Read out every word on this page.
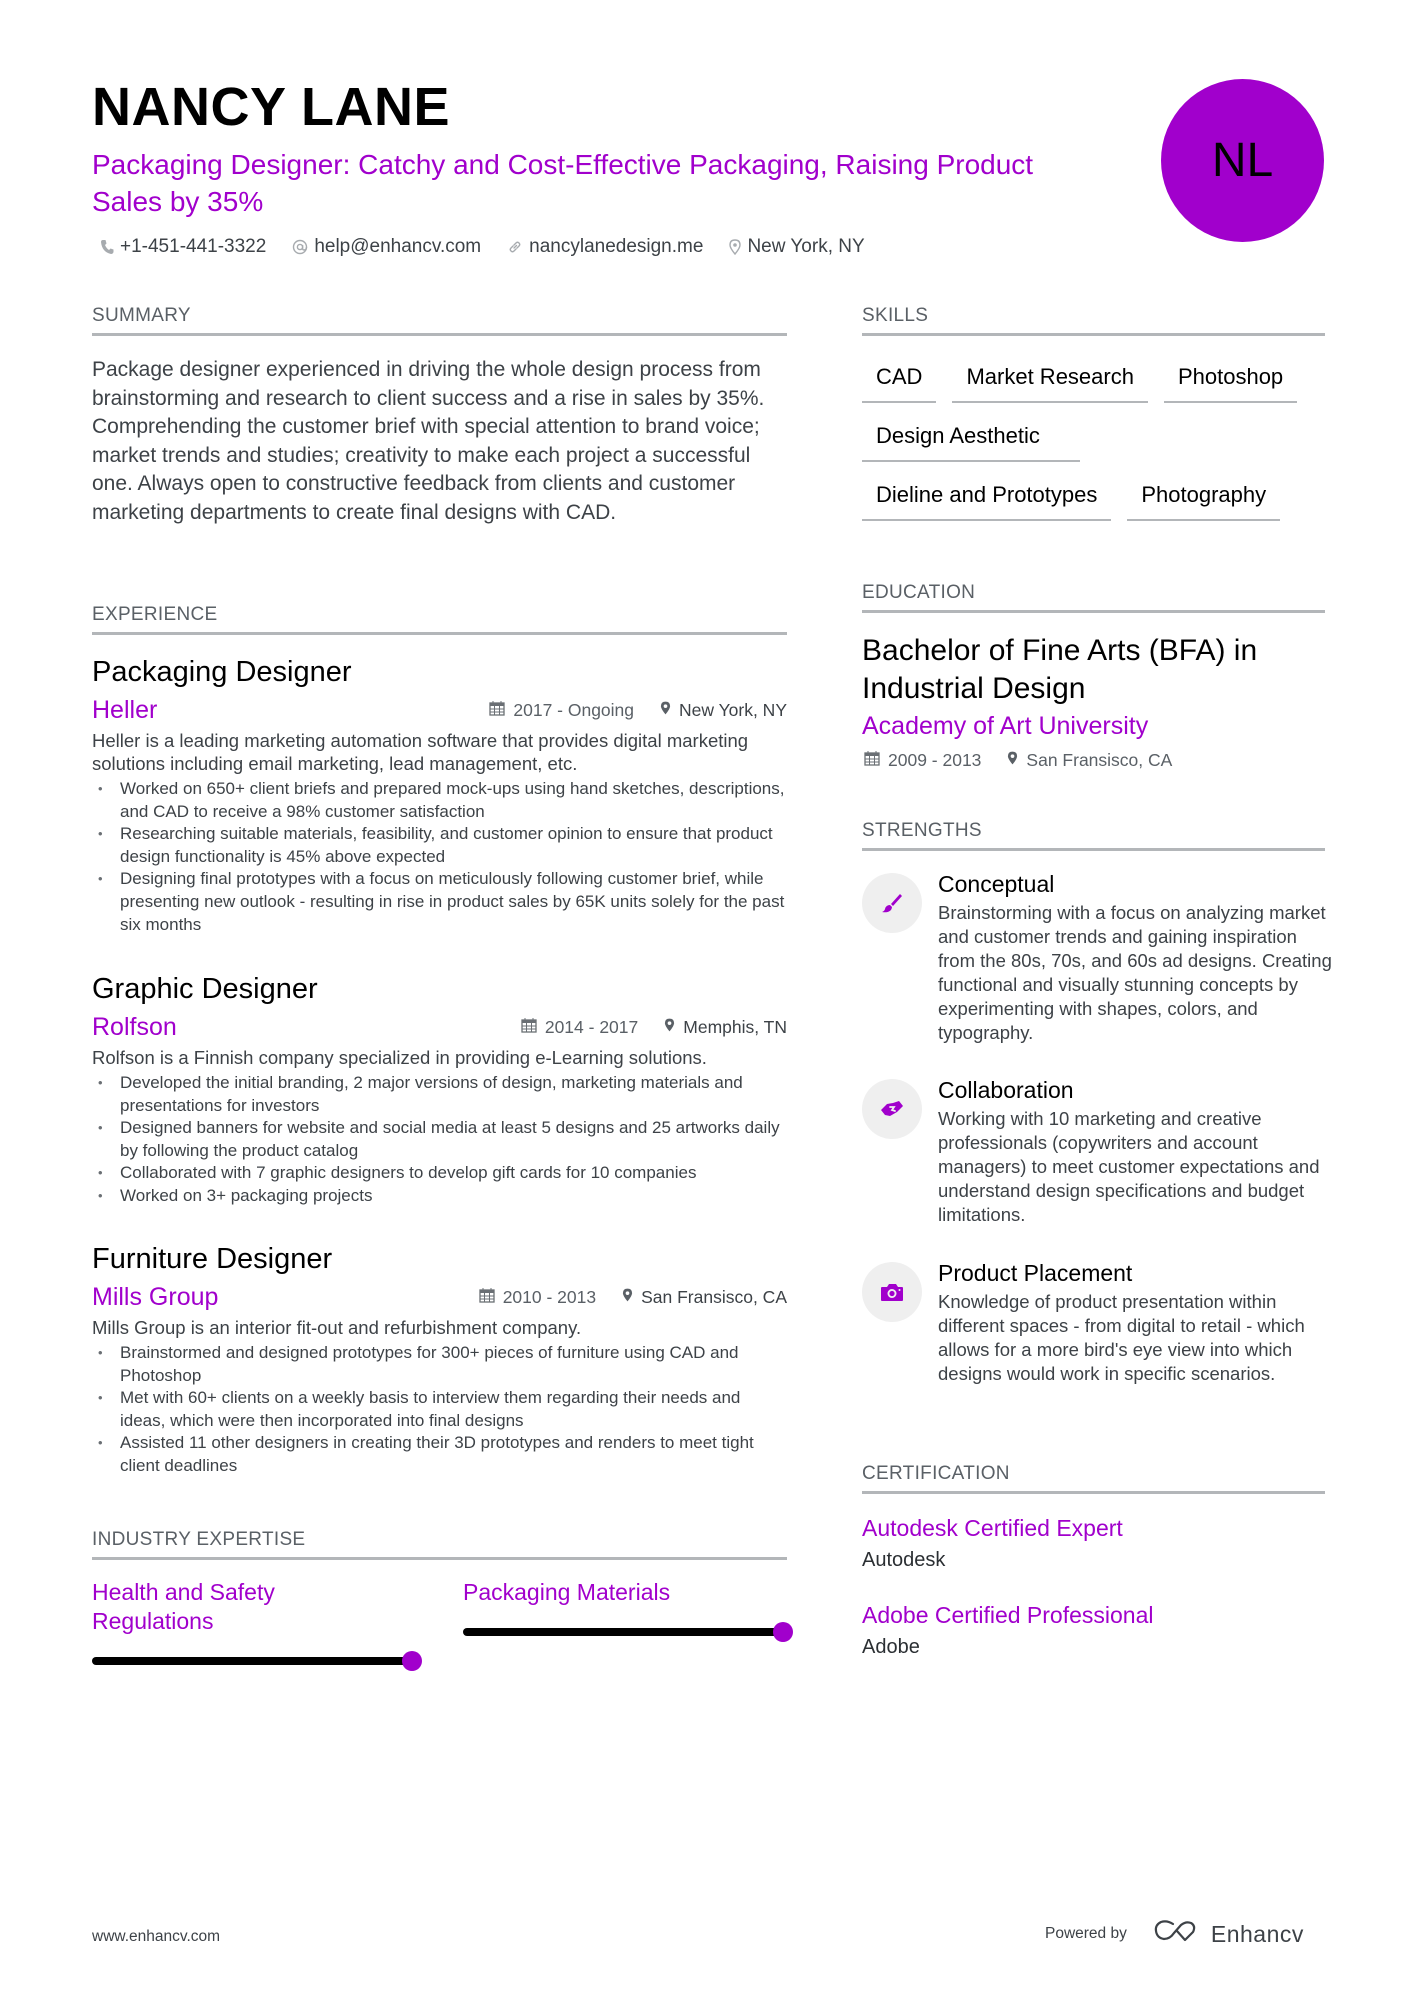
NANCY LANE
Packaging Designer: Catchy and Cost-Effective Packaging, Raising Product Sales by 35%
+1-451-441-3322	help@enhancv.com	nancylanedesign.me New York, NY
NL
SUMMARY
Package designer experienced in driving the whole design process from brainstorming and research to client success and a rise in sales by 35%. Comprehending the customer brief with special attention to brand voice; market trends and studies; creativity to make each project a successful one. Always open to constructive feedback from clients and customer marketing departments to create final designs with CAD.
EXPERIENCE
Packaging Designer
Heller	2017 - Ongoing	New York, NY
Heller is a leading marketing automation software that provides digital marketing solutions including email marketing, lead management, etc.
• Worked on 650+ client briefs and prepared mock-ups using hand sketches, descriptions, and CAD to receive a 98% customer satisfaction
• Researching suitable materials, feasibility, and customer opinion to ensure that product design functionality is 45% above expected
• Designing final prototypes with a focus on meticulously following customer brief, while presenting new outlook - resulting in rise in product sales by 65K units solely for the past six months
Graphic Designer
Rolfson	2014 - 2017	Memphis, TN
Rolfson is a Finnish company specialized in providing e-Learning solutions.
• Developed the initial branding, 2 major versions of design, marketing materials and presentations for investors
• Designed banners for website and social media at least 5 designs and 25 artworks daily by following the product catalog
• Collaborated with 7 graphic designers to develop gift cards for 10 companies
• Worked on 3+ packaging projects
Furniture Designer
Mills Group	2010 - 2013	San Fransisco, CA
Mills Group is an interior fit-out and refurbishment company.
• Brainstormed and designed prototypes for 300+ pieces of furniture using CAD and Photoshop
• Met with 60+ clients on a weekly basis to interview them regarding their needs and ideas, which were then incorporated into final designs
• Assisted 11 other designers in creating their 3D prototypes and renders to meet tight client deadlines
INDUSTRY EXPERTISE
Health and Safety Regulations
Packaging Materials
SKILLS
CAD	Market Research	Photoshop
Design Aesthetic
Dieline and Prototypes	Photography
EDUCATION
Bachelor of Fine Arts (BFA) in Industrial Design
Academy of Art University
2009 - 2013	San Fransisco, CA
STRENGTHS
Conceptual
Brainstorming with a focus on analyzing market and customer trends and gaining inspiration from the 80s, 70s, and 60s ad designs. Creating functional and visually stunning concepts by experimenting with shapes, colors, and typography.
Collaboration
Working with 10 marketing and creative professionals (copywriters and account managers) to meet customer expectations and understand design specifications and budget limitations.
Product Placement
Knowledge of product presentation within different spaces - from digital to retail - which allows for a more bird's eye view into which designs would work in specific scenarios.
CERTIFICATION
Autodesk Certified Expert
Autodesk
Adobe Certified Professional
Adobe
www.enhancv.com	Powered by	Enhancv
